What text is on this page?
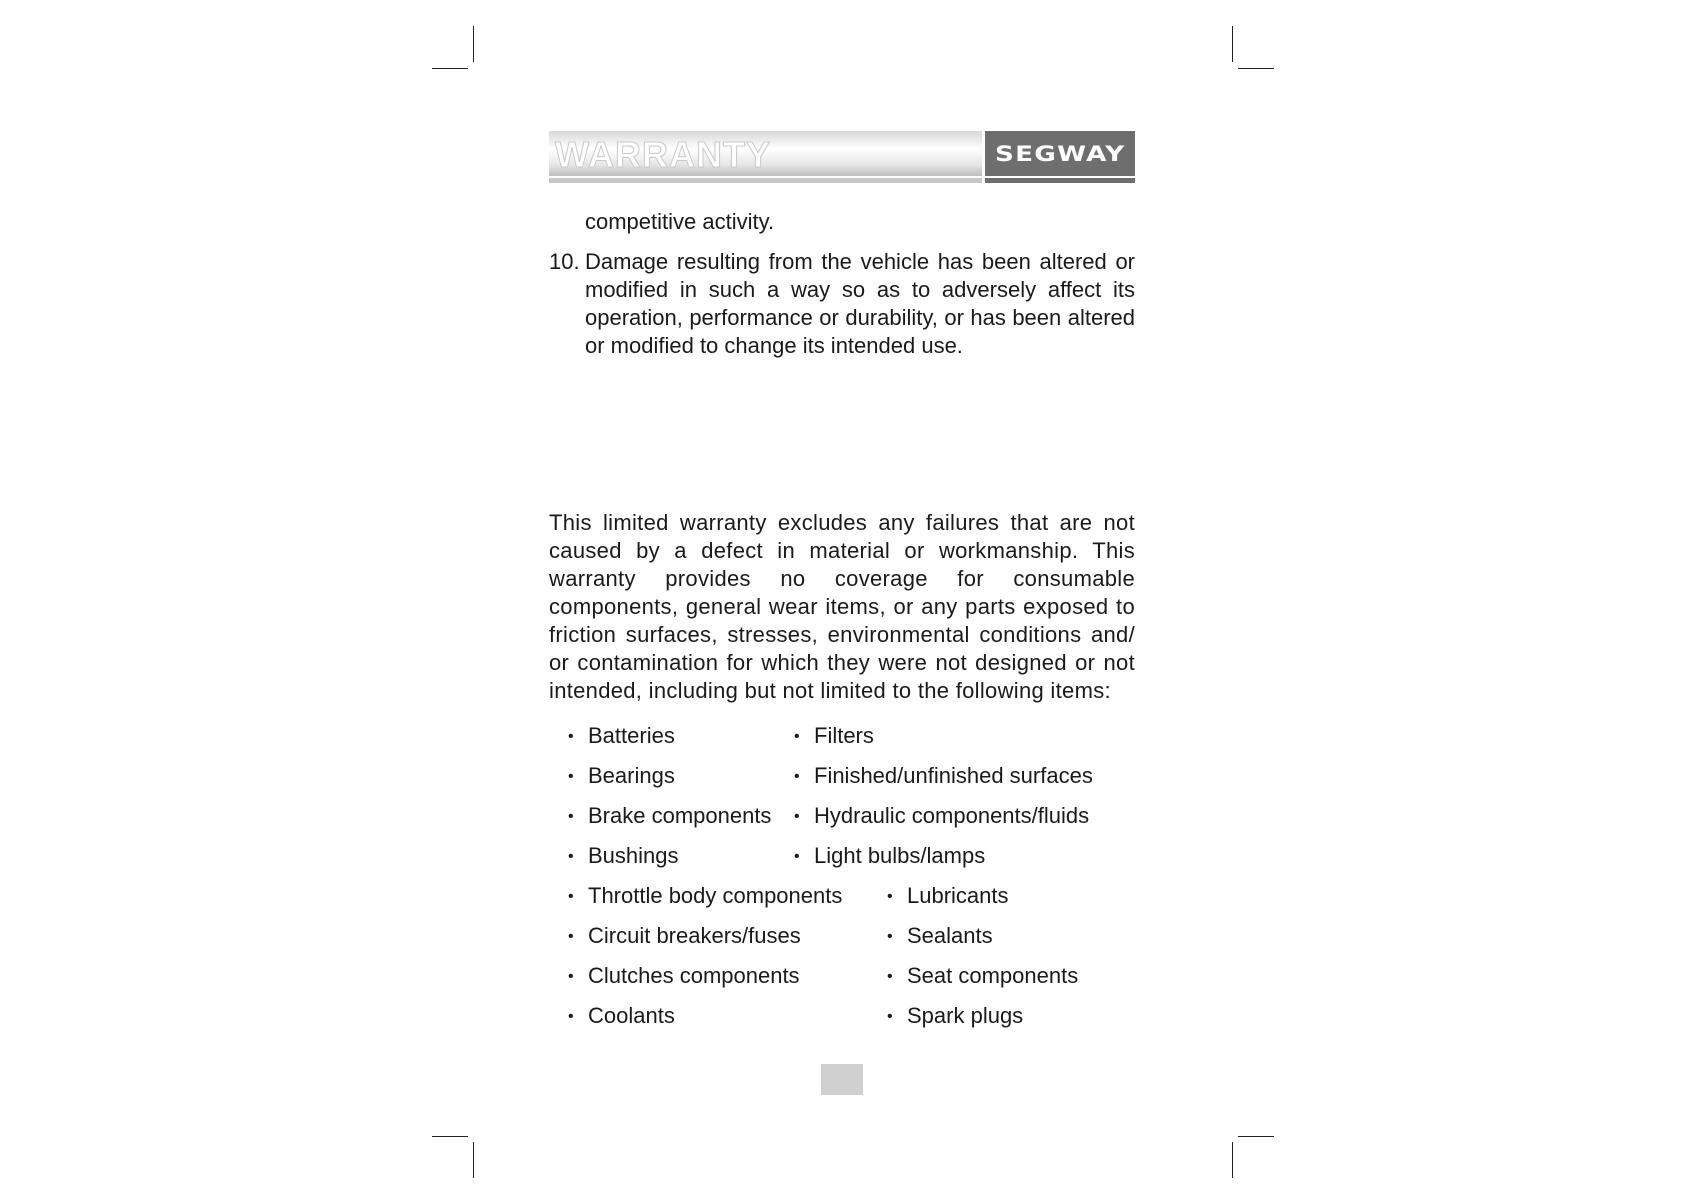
WARRANTY	SEGWAY
competitive activity.
10. Damage resulting from the vehicle has been altered or modified in such a way so as to adversely affect its operation, performance or durability, or has been altered or modified to change its intended use.
This limited warranty excludes any failures that are not caused by a defect in material or workmanship. This warranty provides no coverage for consumable components, general wear items, or any parts exposed to friction surfaces, stresses, environmental conditions and/ or contamination for which they were not designed or not intended, including but not limited to the following items:
• Batteries
• Bearings
• Brake components
• Bushings
• Filters
• Finished/unfinished surfaces
• Hydraulic components/fluids
• Light bulbs/lamps
• Throttle body components
• Circuit breakers/fuses
• Clutches components
• Coolants
• Lubricants
• Sealants
• Seat components
• Spark plugs
